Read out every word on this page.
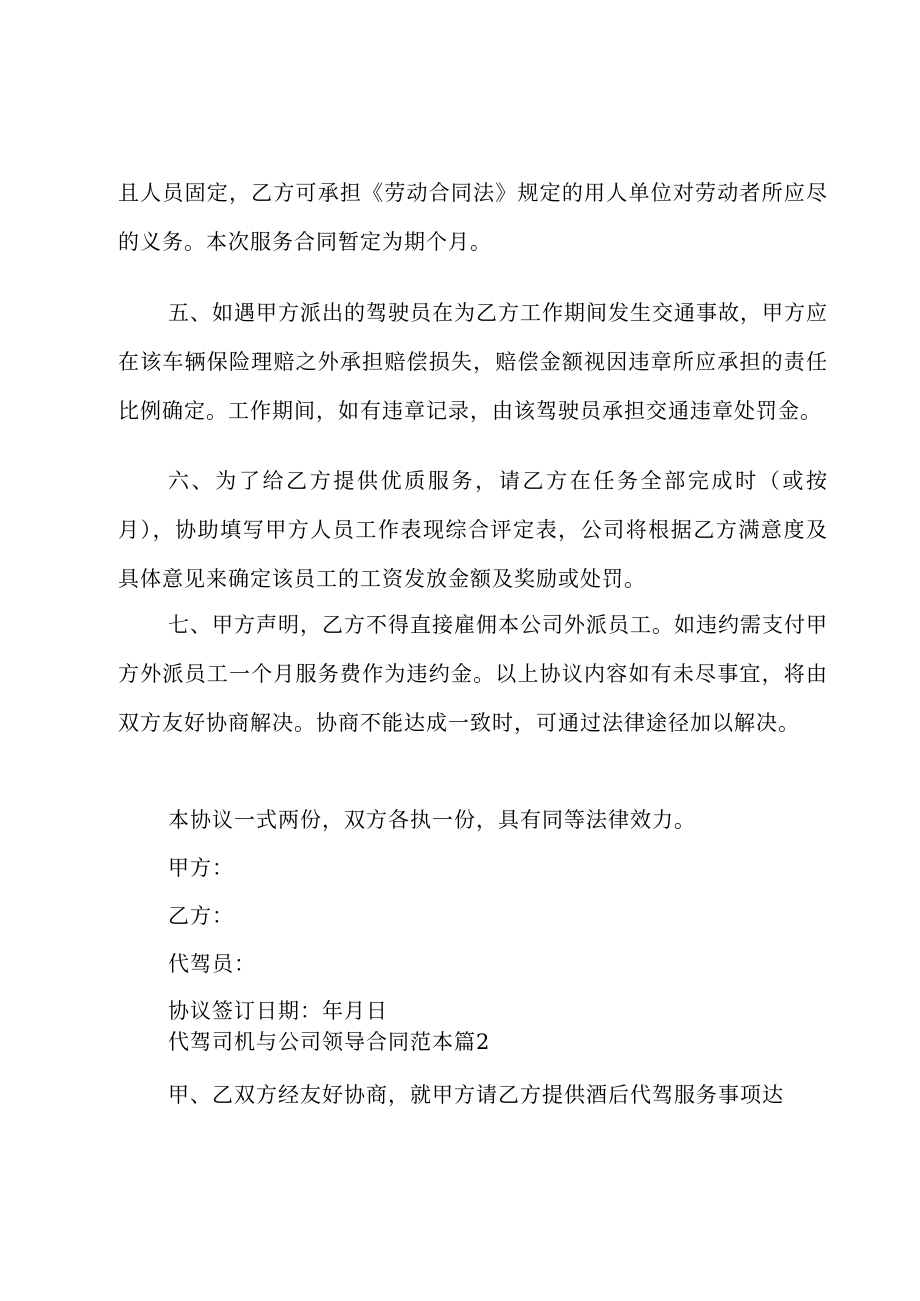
且人员固定，乙方可承担《劳动合同法》规定的用人单位对劳动者所应尽的义务。本次服务合同暂定为期个月。

五、如遇甲方派出的驾驶员在为乙方工作期间发生交通事故，甲方应在该车辆保险理赔之外承担赔偿损失，赔偿金额视因违章所应承担的责任比例确定。工作期间，如有违章记录，由该驾驶员承担交通违章处罚金。

六、为了给乙方提供优质服务，请乙方在任务全部完成时（或按月），协助填写甲方人员工作表现综合评定表，公司将根据乙方满意度及具体意见来确定该员工的工资发放金额及奖励或处罚。

七、甲方声明，乙方不得直接雇佣本公司外派员工。如违约需支付甲方外派员工一个月服务费作为违约金。以上协议内容如有未尽事宜，将由双方友好协商解决。协商不能达成一致时，可通过法律途径加以解决。

本协议一式两份，双方各执一份，具有同等法律效力。

甲方：

乙方：

代驾员：

协议签订日期：年月日

代驾司机与公司领导合同范本篇2

甲、乙双方经友好协商，就甲方请乙方提供酒后代驾服务事项达
